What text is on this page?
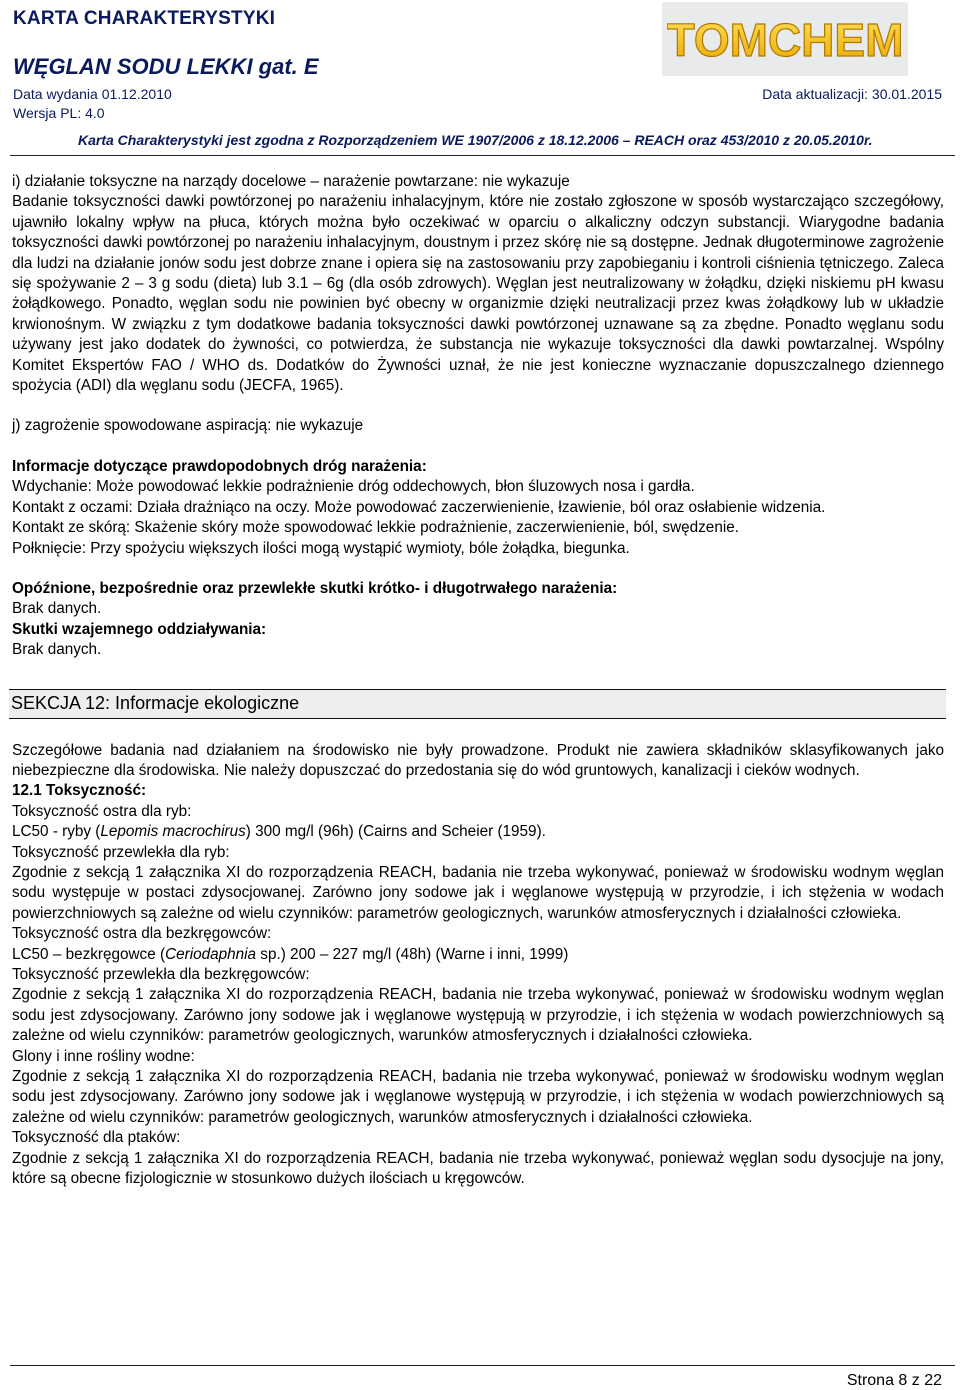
KARTA CHARAKTERYSTYKI
WĘGLAN SODU LEKKI gat. E
Data wydania 01.12.2010	Data aktualizacji: 30.01.2015
Wersja PL: 4.0
TOMCHEM
Karta Charakterystyki jest zgodna z Rozporządzeniem WE 1907/2006 z 18.12.2006 – REACH oraz 453/2010 z 20.05.2010r.

i) działanie toksyczne na narządy docelowe – narażenie powtarzane: nie wykazuje

Badanie toksyczności dawki powtórzonej po narażeniu inhalacyjnym, które nie zostało zgłoszone w sposób wystarczająco szczegółowy, ujawniło lokalny wpływ na płuca, których można było oczekiwać w oparciu o alkaliczny odczyn substancji. Wiarygodne badania toksyczności dawki powtórzonej po narażeniu inhalacyjnym, doustnym i przez skórę nie są dostępne. Jednak długoterminowe zagrożenie dla ludzi na działanie jonów sodu jest dobrze znane i opiera się na zastosowaniu przy zapobieganiu i kontroli ciśnienia tętniczego. Zaleca się spożywanie 2 – 3 g sodu (dieta) lub 3.1 – 6g (dla osób zdrowych). Węglan jest neutralizowany w żołądku, dzięki niskiemu pH kwasu żołądkowego. Ponadto, węglan sodu nie powinien być obecny w organizmie dzięki neutralizacji przez kwas żołądkowy lub w układzie krwionośnym. W związku z tym dodatkowe badania toksyczności dawki powtórzonej uznawane są za zbędne. Ponadto węglanu sodu używany jest jako dodatek do żywności, co potwierdza, że substancja nie wykazuje toksyczności dla dawki powtarzalnej. Wspólny Komitet Ekspertów FAO / WHO ds. Dodatków do Żywności uznał, że nie jest konieczne wyznaczanie dopuszczalnego dziennego spożycia (ADI) dla węglanu sodu (JECFA, 1965).

j) zagrożenie spowodowane aspiracją: nie wykazuje

Informacje dotyczące prawdopodobnych dróg narażenia:

Wdychanie: Może powodować lekkie podrażnienie dróg oddechowych, błon śluzowych nosa i gardła.

Kontakt z oczami: Działa drażniąco na oczy. Może powodować zaczerwienienie, łzawienie, ból oraz osłabienie widzenia.

Kontakt ze skórą: Skażenie skóry może spowodować lekkie podrażnienie, zaczerwienienie, ból, swędzenie.

Połknięcie: Przy spożyciu większych ilości mogą wystąpić wymioty, bóle żołądka, biegunka.

Opóźnione, bezpośrednie oraz przewlekłe skutki krótko- i długotrwałego narażenia:

Brak danych.

Skutki wzajemnego oddziaływania:

Brak danych.

SEKCJA 12: Informacje ekologiczne

Szczegółowe badania nad działaniem na środowisko nie były prowadzone. Produkt nie zawiera składników sklasyfikowanych jako niebezpieczne dla środowiska. Nie należy dopuszczać do przedostania się do wód gruntowych, kanalizacji i cieków wodnych.

12.1 Toksyczność:

Toksyczność ostra dla ryb:

LC50 - ryby (Lepomis macrochirus) 300 mg/l (96h) (Cairns and Scheier (1959).

Toksyczność przewlekła dla ryb:

Zgodnie z sekcją 1 załącznika XI do rozporządzenia REACH, badania nie trzeba wykonywać, ponieważ w środowisku wodnym węglan sodu występuje w postaci zdysocjowanej. Zarówno jony sodowe jak i węglanowe występują w przyrodzie, i ich stężenia w wodach powierzchniowych są zależne od wielu czynników: parametrów geologicznych, warunków atmosferycznych i działalności człowieka.

Toksyczność ostra dla bezkręgowców:

LC50 – bezkręgowce (Ceriodaphnia sp.) 200 – 227 mg/l (48h) (Warne i inni, 1999)

Toksyczność przewlekła dla bezkręgowców:

Zgodnie z sekcją 1 załącznika XI do rozporządzenia REACH, badania nie trzeba wykonywać, ponieważ w środowisku wodnym węglan sodu jest zdysocjowany. Zarówno jony sodowe jak i węglanowe występują w przyrodzie, i ich stężenia w wodach powierzchniowych są zależne od wielu czynników: parametrów geologicznych, warunków atmosferycznych i działalności człowieka.

Glony i inne rośliny wodne:

Zgodnie z sekcją 1 załącznika XI do rozporządzenia REACH, badania nie trzeba wykonywać, ponieważ w środowisku wodnym węglan sodu jest zdysocjowany. Zarówno jony sodowe jak i węglanowe występują w przyrodzie, i ich stężenia w wodach powierzchniowych są zależne od wielu czynników: parametrów geologicznych, warunków atmosferycznych i działalności człowieka.

Toksyczność dla ptaków:

Zgodnie z sekcją 1 załącznika XI do rozporządzenia REACH, badania nie trzeba wykonywać, ponieważ węglan sodu dysocjuje na jony, które są obecne fizjologicznie w stosunkowo dużych ilościach u kręgowców.

Strona 8 z 22
